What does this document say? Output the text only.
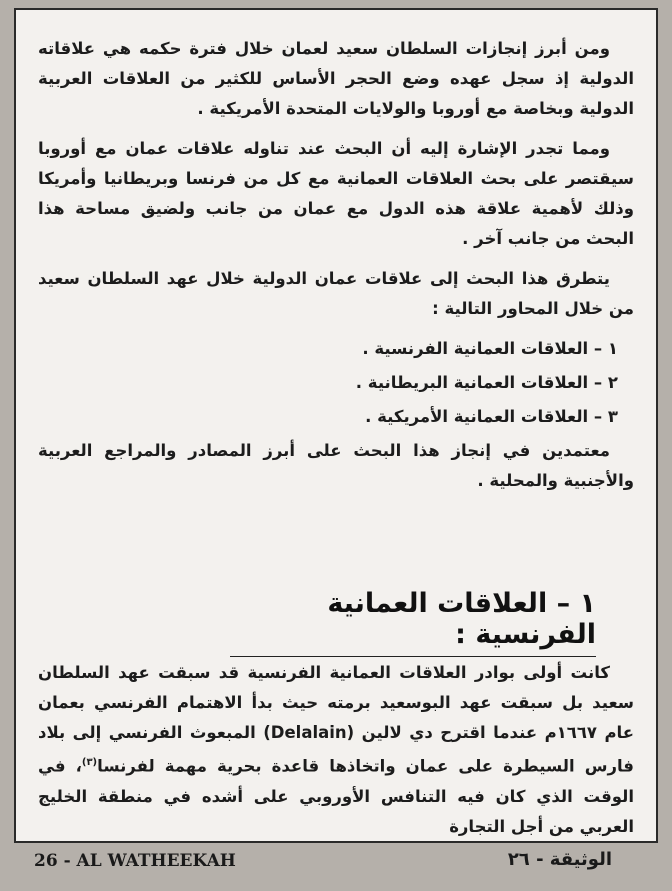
ومن أبرز إنجازات السلطان سعيد لعمان خلال فترة حكمه هي علاقاته الدولية إذ سجل عهده وضع الحجر الأساس للكثير من العلاقات العربية الدولية وبخاصة مع أوروبا والولايات المتحدة الأمريكية .

ومما تجدر الإشارة إليه أن البحث عند تناوله علاقات عمان مع أوروبا سيقتصر على بحث العلاقات العمانية مع كل من فرنسا وبريطانيا وأمريكا وذلك لأهمية علاقة هذه الدول مع عمان من جانب ولضيق مساحة هذا البحث من جانب آخر .

يتطرق هذا البحث إلى علاقات عمان الدولية خلال عهد السلطان سعيد من خلال المحاور التالية :

١ – العلاقات العمانية الفرنسية .

٢ – العلاقات العمانية البريطانية .

٣ – العلاقات العمانية الأمريكية .

معتمدين في إنجاز هذا البحث على أبرز المصادر والمراجع العربية والأجنبية والمحلية .

١ – العلاقات العمانية الفرنسية :

كانت أولى بوادر العلاقات العمانية الفرنسية قد سبقت عهد السلطان سعيد بل سبقت عهد البوسعيد برمته حيث بدأ الاهتمام الفرنسي بعمان عام ١٦٦٧م عندما اقترح دي لالين (Delalain) المبعوث الفرنسي إلى بلاد فارس السيطرة على عمان واتخاذها قاعدة بحرية مهمة لفرنسا$^{(٣)}$، في الوقت الذي كان فيه التنافس الأوروبي على أشده في منطقة الخليج العربي من أجل التجارة

26 - AL WATHEEKAH	الوثيقة - ٢٦
